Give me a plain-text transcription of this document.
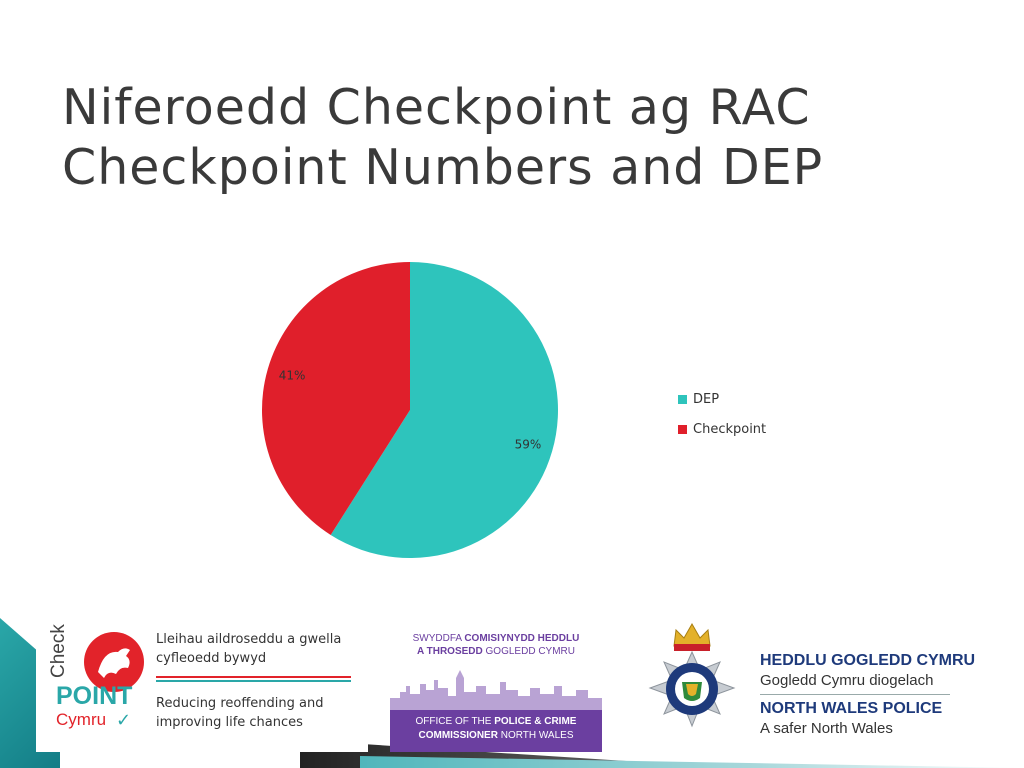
Niferoedd Checkpoint ag RAC
Checkpoint Numbers and DEP
59%
41%
DEP
Checkpoint
Check
POINT
Cymru ✓
Lleihau aildroseddu a gwella cyfleoedd bywyd
Reducing reoffending and improving life chances
SWYDDFA COMISIYNYDD HEDDLU
A THROSEDD GOGLEDD CYMRU
OFFICE OF THE POLICE & CRIME
COMMISSIONER NORTH WALES
HEDDLU GOGLEDD CYMRU
Gogledd Cymru diogelach
NORTH WALES POLICE
A safer North Wales
